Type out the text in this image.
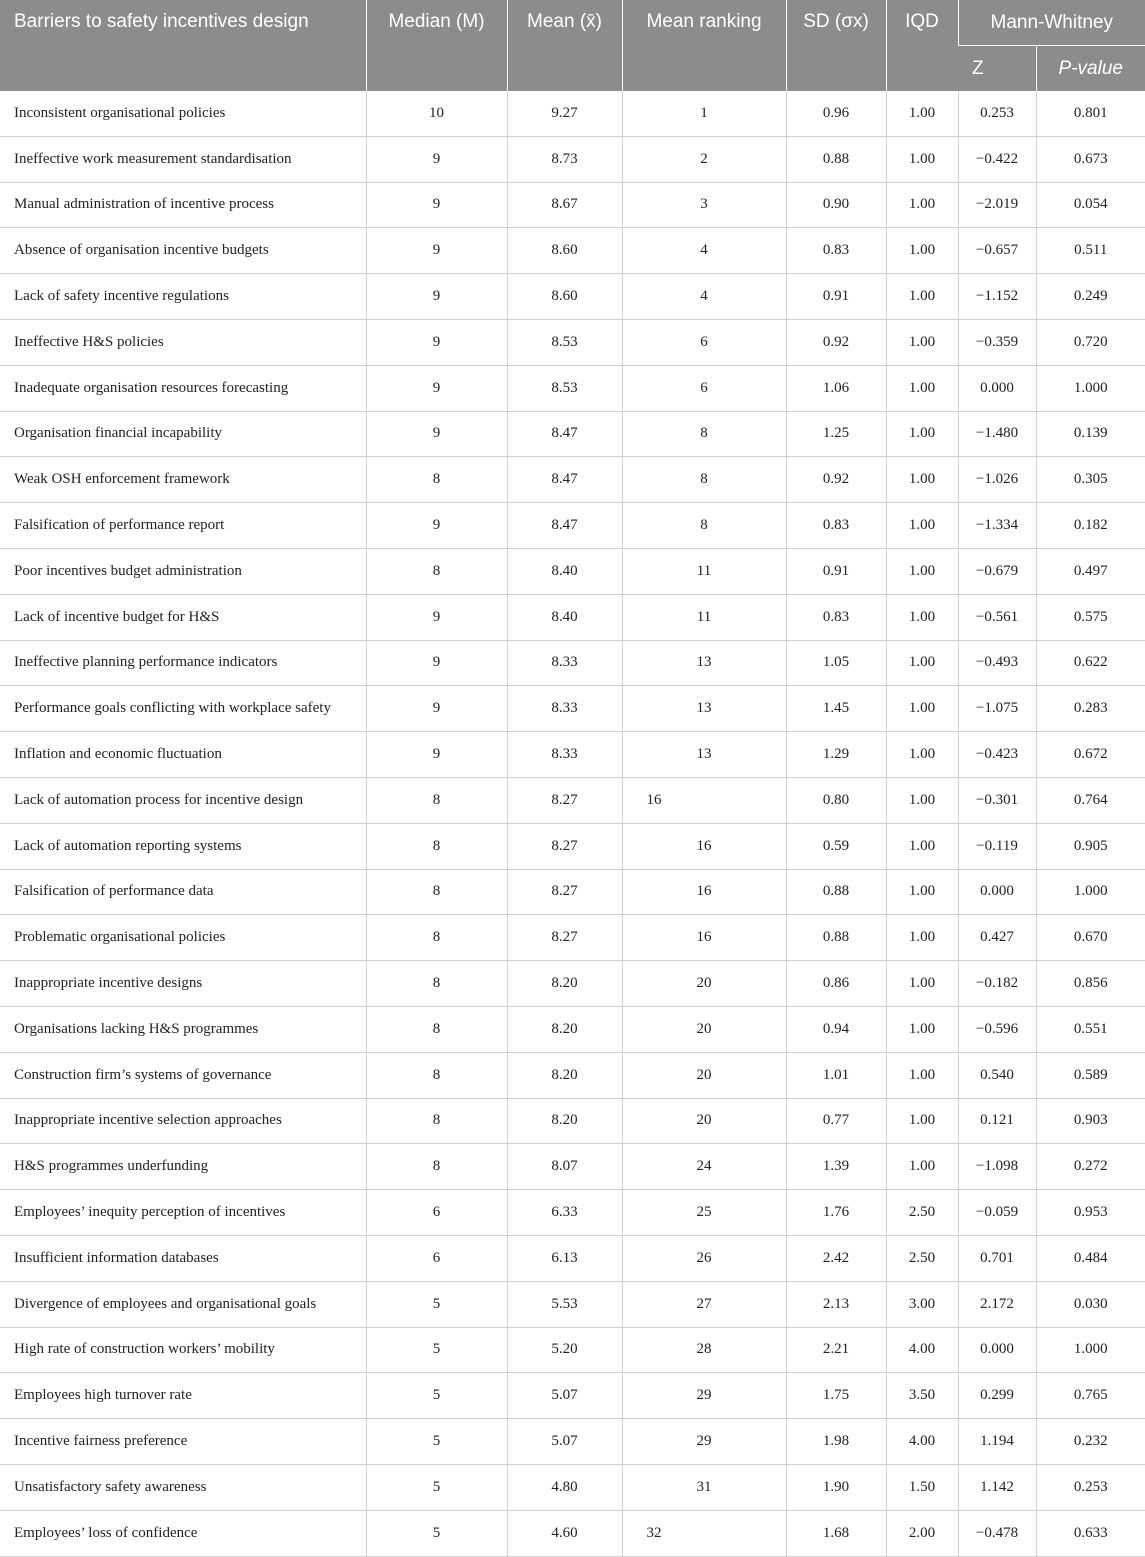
Barriers to safety incentives design	Median (M)	Mean (x̄)	Mean ranking	SD (σx)	IQD	Mann-Whitney	
						Z	P-value
Inconsistent organisational policies	10	9.27	1	0.96	1.00	0.253	0.801
Ineffective work measurement standardisation	9	8.73	2	0.88	1.00	−0.422	0.673
Manual administration of incentive process	9	8.67	3	0.90	1.00	−2.019	0.054
Absence of organisation incentive budgets	9	8.60	4	0.83	1.00	−0.657	0.511
Lack of safety incentive regulations	9	8.60	4	0.91	1.00	−1.152	0.249
Ineffective H&S policies	9	8.53	6	0.92	1.00	−0.359	0.720
Inadequate organisation resources forecasting	9	8.53	6	1.06	1.00	0.000	1.000
Organisation financial incapability	9	8.47	8	1.25	1.00	−1.480	0.139
Weak OSH enforcement framework	8	8.47	8	0.92	1.00	−1.026	0.305
Falsification of performance report	9	8.47	8	0.83	1.00	−1.334	0.182
Poor incentives budget administration	8	8.40	11	0.91	1.00	−0.679	0.497
Lack of incentive budget for H&S	9	8.40	11	0.83	1.00	−0.561	0.575
Ineffective planning performance indicators	9	8.33	13	1.05	1.00	−0.493	0.622
Performance goals conflicting with workplace safety	9	8.33	13	1.45	1.00	−1.075	0.283
Inflation and economic fluctuation	9	8.33	13	1.29	1.00	−0.423	0.672
Lack of automation process for incentive design	8	8.27	16	0.80	1.00	−0.301	0.764
Lack of automation reporting systems	8	8.27	16	0.59	1.00	−0.119	0.905
Falsification of performance data	8	8.27	16	0.88	1.00	0.000	1.000
Problematic organisational policies	8	8.27	16	0.88	1.00	0.427	0.670
Inappropriate incentive designs	8	8.20	20	0.86	1.00	−0.182	0.856
Organisations lacking H&S programmes	8	8.20	20	0.94	1.00	−0.596	0.551
Construction firm’s systems of governance	8	8.20	20	1.01	1.00	0.540	0.589
Inappropriate incentive selection approaches	8	8.20	20	0.77	1.00	0.121	0.903
H&S programmes underfunding	8	8.07	24	1.39	1.00	−1.098	0.272
Employees’ inequity perception of incentives	6	6.33	25	1.76	2.50	−0.059	0.953
Insufficient information databases	6	6.13	26	2.42	2.50	0.701	0.484
Divergence of employees and organisational goals	5	5.53	27	2.13	3.00	2.172	0.030
High rate of construction workers’ mobility	5	5.20	28	2.21	4.00	0.000	1.000
Employees high turnover rate	5	5.07	29	1.75	3.50	0.299	0.765
Incentive fairness preference	5	5.07	29	1.98	4.00	1.194	0.232
Unsatisfactory safety awareness	5	4.80	31	1.90	1.50	1.142	0.253
Employees’ loss of confidence	5	4.60	32	1.68	2.00	−0.478	0.633
